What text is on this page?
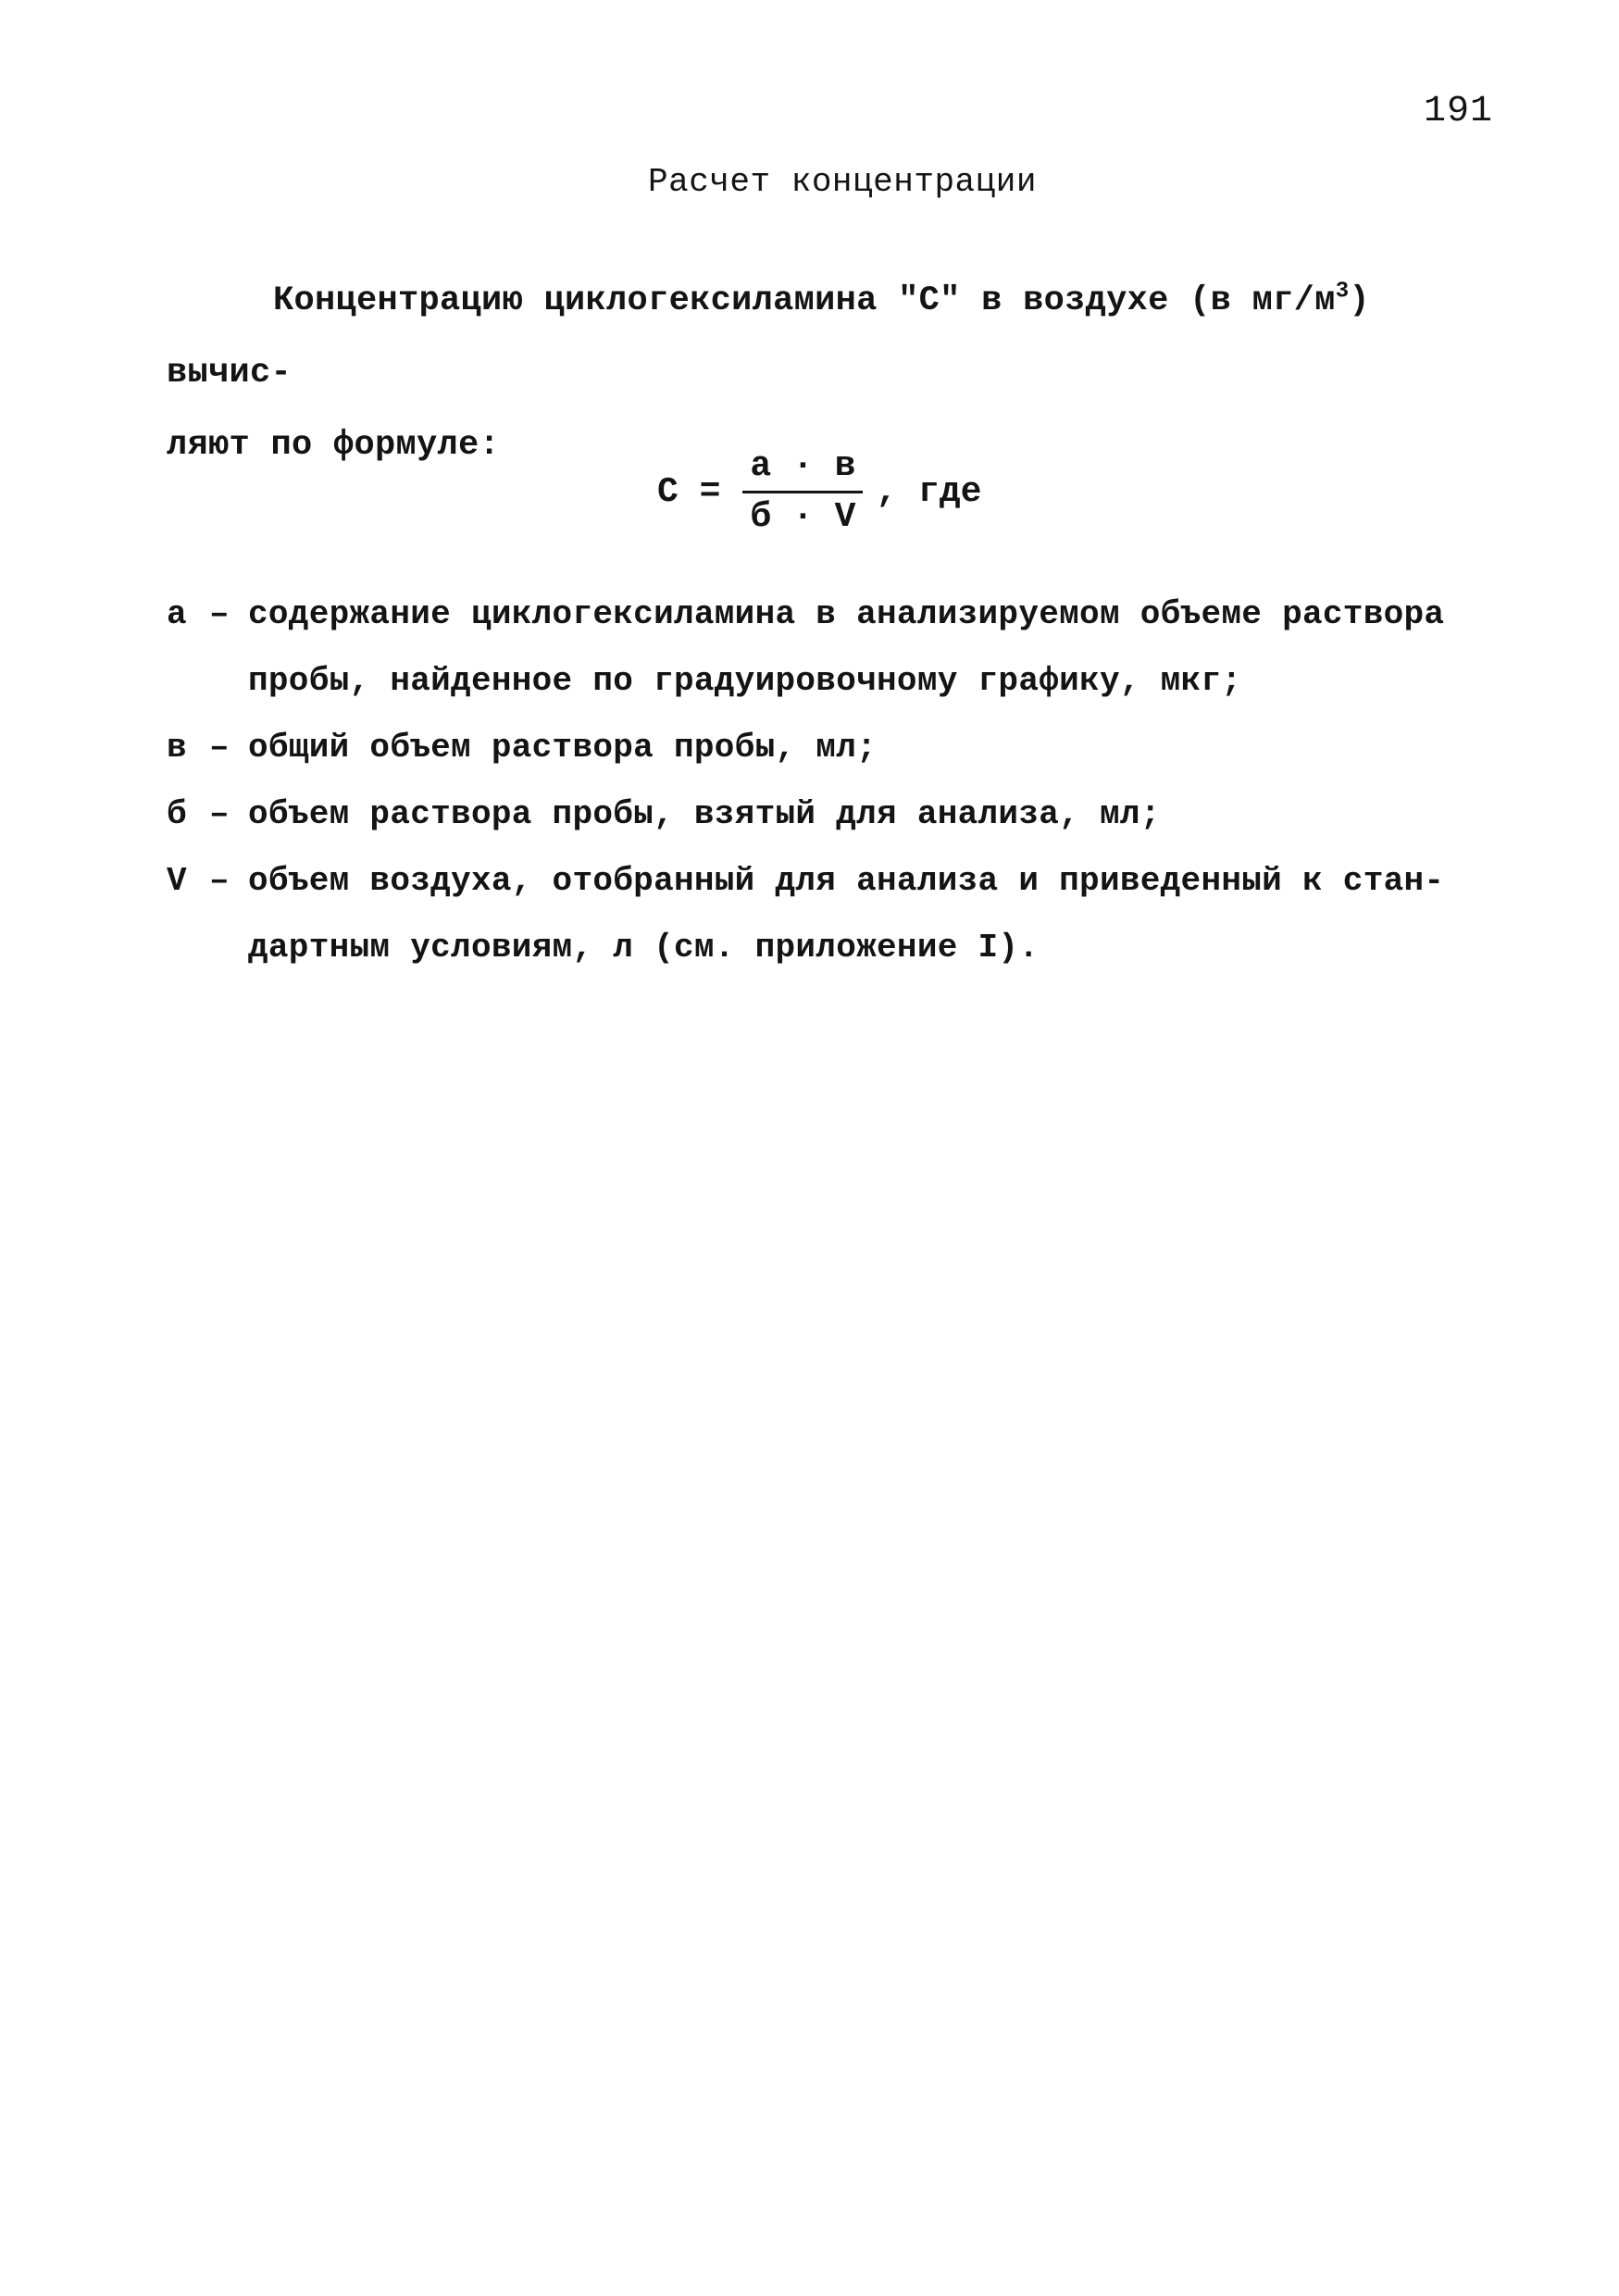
191
Расчет концентрации
Концентрацию циклогексиламина "С" в воздухе (в $мг/м^3$) вычис-
ляют по формуле:
$С = \frac{а \cdot в}{б \cdot V}$ , где
а – содержание циклогексиламина в анализируемом объеме раствора
пробы, найденное по градуировочному графику, мкг;
в – общий объем раствора пробы, мл;
б – объем раствора пробы, взятый для анализа, мл;
V – объем воздуха, отобранный для анализа и приведенный к стан-
дартным условиям, л (см. приложение I).
